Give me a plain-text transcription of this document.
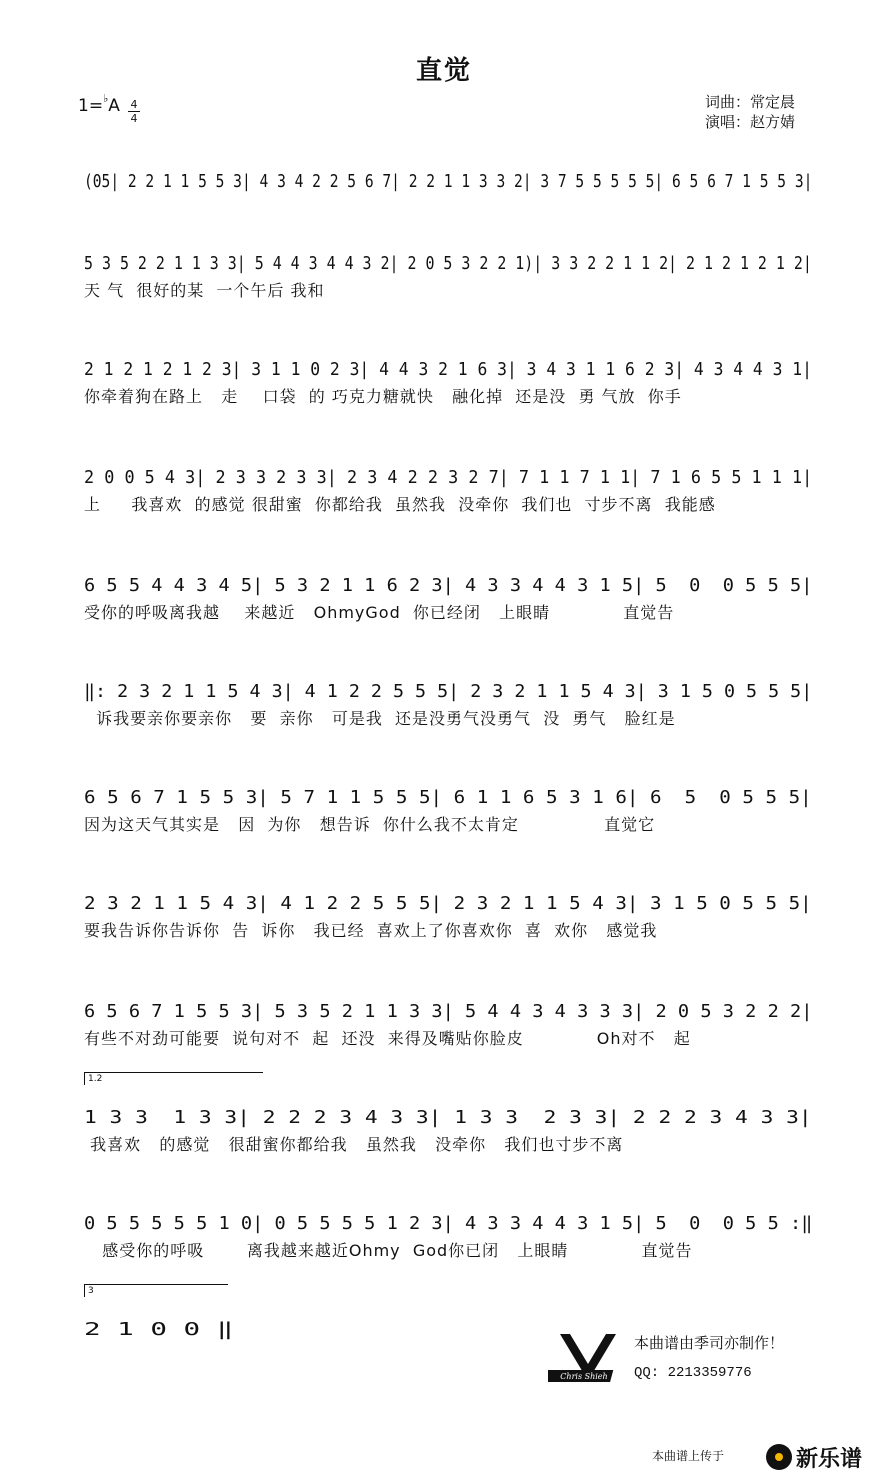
直觉
1=♭A 4
4
词曲：常定晨
演唱：赵方婧
(05| 2 2 1 1 5 5 3| 4 3 4 2 2 5 6 7| 2 2 1 1 3 3 2| 3 7 5 5 5 5 5| 6 5 6 7 1 5 5 3|
5 3 5 2 2 1 1 3 3| 5 4 4 3 4 4 3 2| 2 0 5 3 2 2 1)| 3 3 2 2 1 1 2| 2 1 2 1 2 1 2|
天 气  很好的某  一个午后 我和
2 1 2 1 2 1 2 3| 3 1 1 0 2 3| 4 4 3 2 1 6 3| 3 4 3 1 1 6 2 3| 4 3 4 4 3 1|
你牵着狗在路上   走    口袋  的 巧克力糖就快   融化掉  还是没  勇 气放  你手
2 0 0 5 4 3| 2 3 3 2 3 3| 2 3 4 2 2 3 2 7| 7 1 1 7 1 1| 7 1 6 5 5 1 1 1|
上     我喜欢  的感觉 很甜蜜  你都给我  虽然我  没牵你  我们也  寸步不离  我能感
6 5 5 4 4 3 4 5| 5 3 2 1 1 6 2 3| 4 3 3 4 4 3 1 5| 5  0  0 5 5 5|
受你的呼吸离我越    来越近   OhmyGod  你已经闭   上眼睛            直觉告
‖: 2 3 2 1 1 5 4 3| 4 1 2 2 5 5 5| 2 3 2 1 1 5 4 3| 3 1 5 0 5 5 5|
诉我要亲你要亲你   要  亲你   可是我  还是没勇气没勇气  没  勇气   脸红是
6 5 6 7 1 5 5 3| 5 7 1 1 5 5 5| 6 1 1 6 5 3 1 6| 6  5  0 5 5 5|
因为这天气其实是   因  为你   想告诉  你什么我不太肯定              直觉它
2 3 2 1 1 5 4 3| 4 1 2 2 5 5 5| 2 3 2 1 1 5 4 3| 3 1 5 0 5 5 5|
要我告诉你告诉你  告  诉你   我已经  喜欢上了你喜欢你  喜  欢你   感觉我
6 5 6 7 1 5 5 3| 5 3 5 2 1 1 3 3| 5 4 4 3 4 3 3 3| 2 0 5 3 2 2 2|
有些不对劲可能要  说句对不  起  还没  来得及嘴贴你脸皮            Oh对不   起
1.2
1 3 3  1 3 3| 2 2 2 3 4 3 3| 1 3 3  2 3 3| 2 2 2 3 4 3 3|
我喜欢   的感觉   很甜蜜你都给我   虽然我   没牵你   我们也寸步不离
0 5 5 5 5 5 1 0| 0 5 5 5 5 1 2 3| 4 3 3 4 4 3 1 5| 5  0  0 5 5 :‖
感受你的呼吸       离我越来越近Ohmy  God你已闭   上眼睛            直觉告
3
2 1 0 0 ‖
Chris Shieh
本曲谱由季司亦制作！
QQ: 2213359776
本曲谱上传于	新乐谱
